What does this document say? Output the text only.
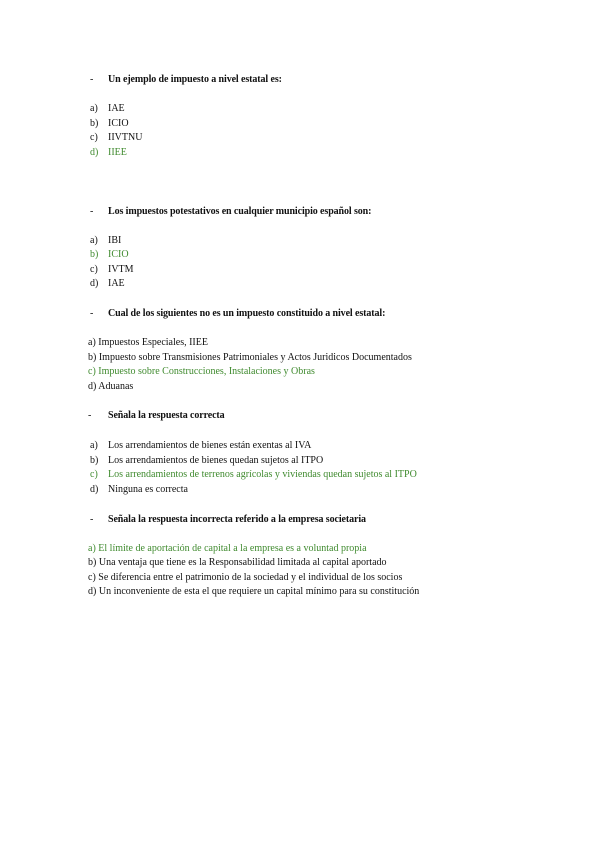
- Un ejemplo de impuesto a nivel estatal es:
a) IAE
b) ICIO
c) IIVTNU
d) IIEE
- Los impuestos potestativos en cualquier municipio español son:
a) IBI
b) ICIO
c) IVTM
d) IAE
- Cual de los siguientes no es un impuesto constituido a nivel estatal:
a) Impuestos Especiales, IIEE
b) Impuesto sobre Transmisiones Patrimoniales y Actos Juridicos Documentados
c) Impuesto sobre Construcciones, Instalaciones y Obras
d) Aduanas
- Señala la respuesta correcta
a) Los arrendamientos de bienes están exentas al IVA
b) Los arrendamientos de bienes quedan sujetos al ITPO
c) Los arrendamientos de terrenos agrícolas y viviendas quedan sujetos al ITPO
d) Ninguna es correcta
- Señala la respuesta incorrecta referido a la empresa societaria
a) El límite de aportación de capital a la empresa es a voluntad propia
b) Una ventaja que tiene es la Responsabilidad limitada al capital aportado
c) Se diferencia entre el patrimonio de la sociedad y el individual de los socios
d) Un inconveniente de esta el que requiere un capital mínimo para su constitución
